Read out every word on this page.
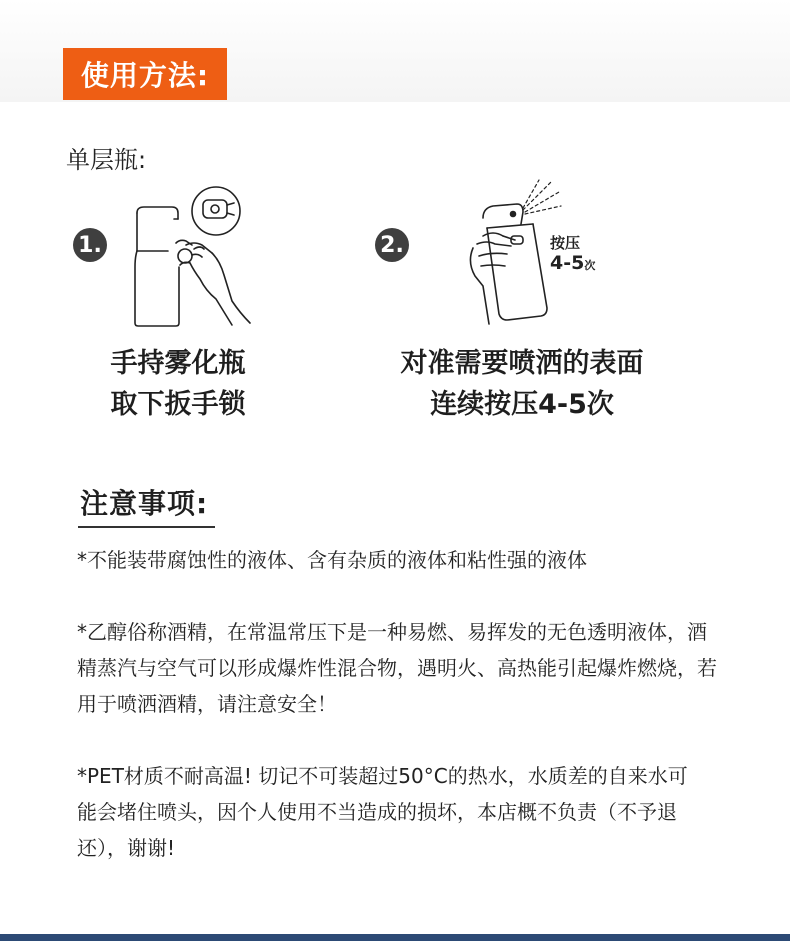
使用方法:
单层瓶:
1.
手持雾化瓶
取下扳手锁
2.	按压
4-5次
对准需要喷洒的表面
连续按压4-5次
注意事项:
*不能装带腐蚀性的液体、含有杂质的液体和粘性强的液体
*乙醇俗称酒精，在常温常压下是一种易燃、易挥发的无色透明液体，酒精蒸汽与空气可以形成爆炸性混合物，遇明火、高热能引起爆炸燃烧，若用于喷洒酒精，请注意安全！
*PET材质不耐高温! 切记不可装超过50°C的热水，水质差的自来水可能会堵住喷头，因个人使用不当造成的损坏，本店概不负责（不予退还），谢谢!
